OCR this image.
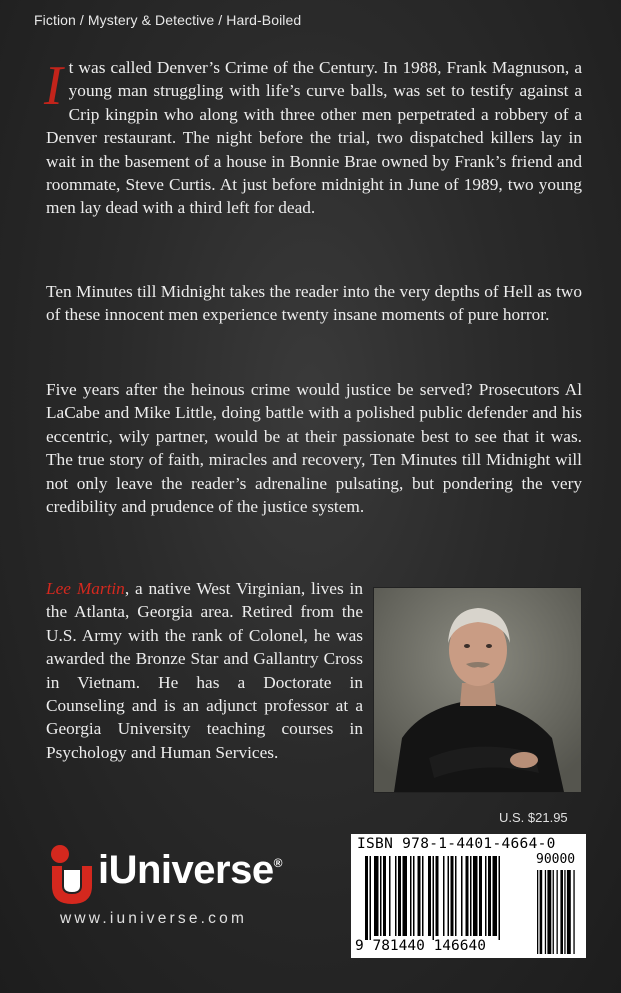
Fiction / Mystery & Detective / Hard-Boiled

It was called Denver’s Crime of the Century. In 1988, Frank Magnuson, a young man struggling with life’s curve balls, was set to testify against a Crip kingpin who along with three other men perpetrated a robbery of a Denver restaurant. The night before the trial, two dispatched killers lay in wait in the basement of a house in Bonnie Brae owned by Frank’s friend and roommate, Steve Curtis. At just before midnight in June of 1989, two young men lay dead with a third left for dead.

Ten Minutes till Midnight takes the reader into the very depths of Hell as two of these innocent men experience twenty insane moments of pure horror.

Five years after the heinous crime would justice be served? Prosecutors Al LaCabe and Mike Little, doing battle with a polished public defender and his eccentric, wily partner, would be at their passionate best to see that it was. The true story of faith, miracles and recovery, Ten Minutes till Midnight will not only leave the reader’s adrenaline pulsating, but pondering the very credibility and prudence of the justice system.

Lee Martin, a native West Virginian, lives in the Atlanta, Georgia area. Retired from the U.S. Army with the rank of Colonel, he was awarded the Bronze Star and Gallantry Cross in Vietnam. He has a Doctorate in Counseling and is an adjunct professor at a Georgia University teaching courses in Psychology and Human Services.

U.S. $21.95
ISBN 978-1-4401-4664-0
90000
9 781440 146640
iUniverse®
www.iuniverse.com
